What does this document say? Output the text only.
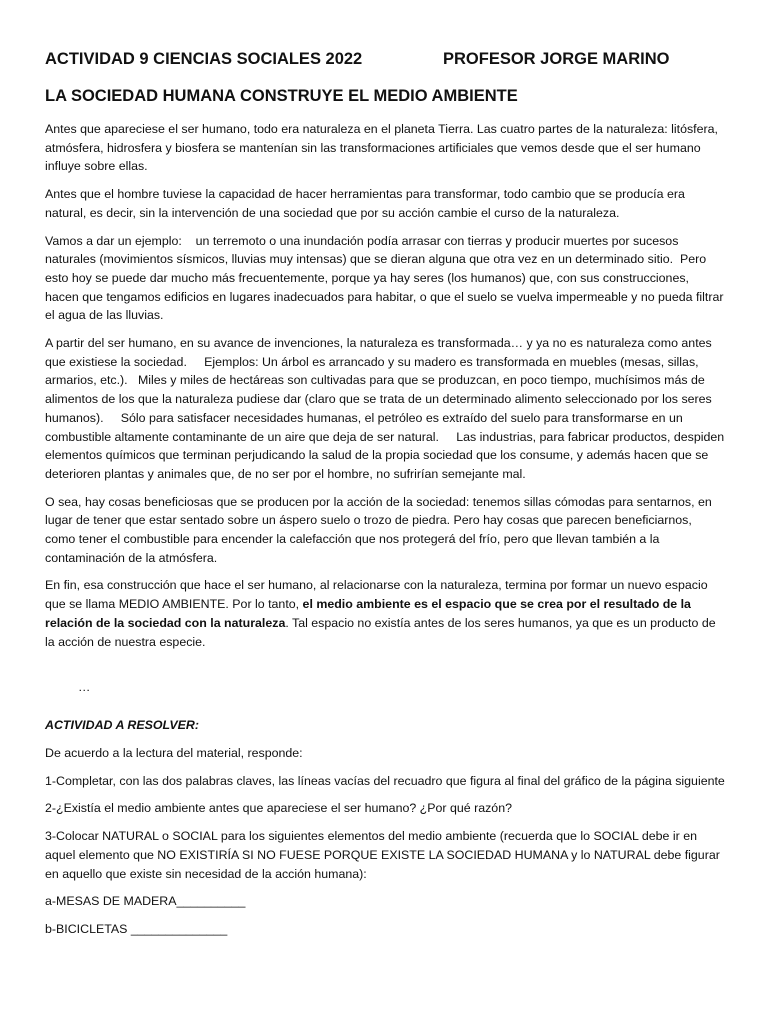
ACTIVIDAD 9 CIENCIAS SOCIALES 2022	PROFESOR JORGE MARINO
LA SOCIEDAD HUMANA CONSTRUYE EL MEDIO AMBIENTE

Antes que apareciese el ser humano, todo era naturaleza en el planeta Tierra. Las cuatro partes de la naturaleza: litósfera, atmósfera, hidrosfera y biosfera se mantenían sin las transformaciones artificiales que vemos desde que el ser humano influye sobre ellas.

Antes que el hombre tuviese la capacidad de hacer herramientas para transformar, todo cambio que se producía era natural, es decir, sin la intervención de una sociedad que por su acción cambie el curso de la naturaleza.

Vamos a dar un ejemplo:    un terremoto o una inundación podía arrasar con tierras y producir muertes por sucesos naturales (movimientos sísmicos, lluvias muy intensas) que se dieran alguna que otra vez en un determinado sitio.  Pero esto hoy se puede dar mucho más frecuentemente, porque ya hay seres (los humanos) que, con sus construcciones, hacen que tengamos edificios en lugares inadecuados para habitar, o que el suelo se vuelva impermeable y no pueda filtrar el agua de las lluvias.

A partir del ser humano, en su avance de invenciones, la naturaleza es transformada… y ya no es naturaleza como antes que existiese la sociedad.     Ejemplos: Un árbol es arrancado y su madero es transformada en muebles (mesas, sillas, armarios, etc.).   Miles y miles de hectáreas son cultivadas para que se produzcan, en poco tiempo, muchísimos más de alimentos de los que la naturaleza pudiese dar (claro que se trata de un determinado alimento seleccionado por los seres humanos).     Sólo para satisfacer necesidades humanas, el petróleo es extraído del suelo para transformarse en un combustible altamente contaminante de un aire que deja de ser natural.     Las industrias, para fabricar productos, despiden elementos químicos que terminan perjudicando la salud de la propia sociedad que los consume, y además hacen que se deterioren plantas y animales que, de no ser por el hombre, no sufrirían semejante mal.

O sea, hay cosas beneficiosas que se producen por la acción de la sociedad: tenemos sillas cómodas para sentarnos, en lugar de tener que estar sentado sobre un áspero suelo o trozo de piedra. Pero hay cosas que parecen beneficiarnos, como tener el combustible para encender la calefacción que nos protegerá del frío, pero que llevan también a la contaminación de la atmósfera.

En fin, esa construcción que hace el ser humano, al relacionarse con la naturaleza, termina por formar un nuevo espacio que se llama MEDIO AMBIENTE. Por lo tanto, el medio ambiente es el espacio que se crea por el resultado de la relación de la sociedad con la naturaleza. Tal espacio no existía antes de los seres humanos, ya que es un producto de la acción de nuestra especie.

…

ACTIVIDAD A RESOLVER:

De acuerdo a la lectura del material, responde:

1-Completar, con las dos palabras claves, las líneas vacías del recuadro que figura al final del gráfico de la página siguiente

2-¿Existía el medio ambiente antes que apareciese el ser humano? ¿Por qué razón?

3-Colocar NATURAL o SOCIAL para los siguientes elementos del medio ambiente (recuerda que lo SOCIAL debe ir en aquel elemento que NO EXISTIRÍA SI NO FUESE PORQUE EXISTE LA SOCIEDAD HUMANA y lo NATURAL debe figurar en aquello que existe sin necesidad de la acción humana):

a-MESAS DE MADERA__________

b-BICICLETAS ______________
